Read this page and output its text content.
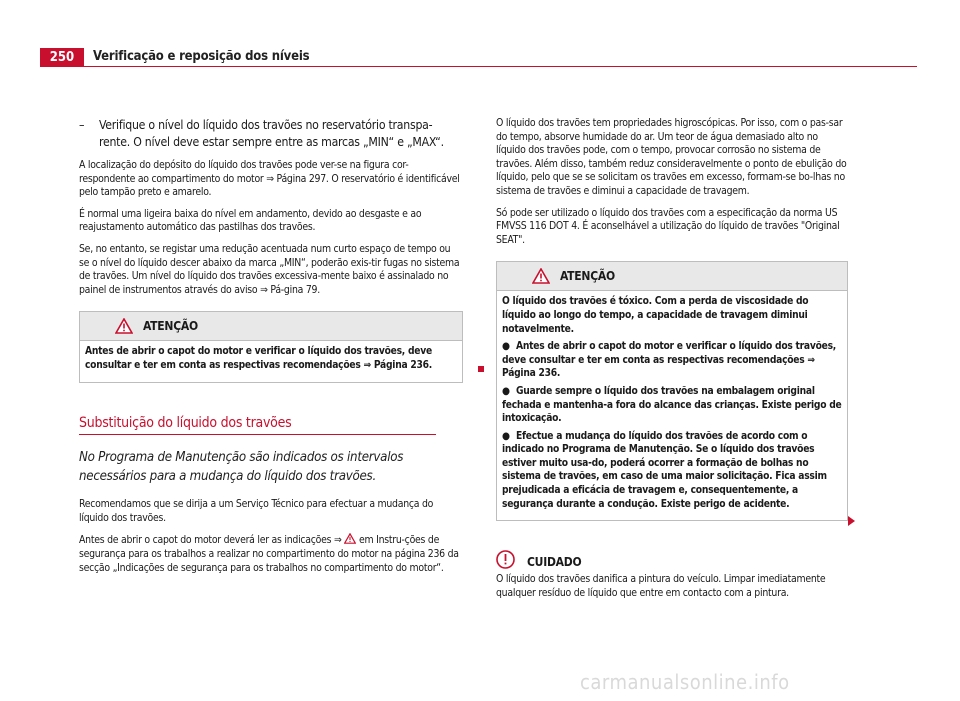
250	Verificação e reposição dos níveis
– Verifique o nível do líquido dos travões no reservatório transpa-rente. O nível deve estar sempre entre as marcas „MIN“ e „MAX“.

A localização do depósito do líquido dos travões pode ver-se na figura cor-respondente ao compartimento do motor ⇒ Página 297. O reservatório é identificável pelo tampão preto e amarelo.

É normal uma ligeira baixa do nível em andamento, devido ao desgaste e ao reajustamento automático das pastilhas dos travões.

Se, no entanto, se registar uma redução acentuada num curto espaço de tempo ou se o nível do líquido descer abaixo da marca „MIN“, poderão exis-tir fugas no sistema de travões. Um nível do líquido dos travões excessiva-mente baixo é assinalado no painel de instrumentos através do aviso ⇒ Pá-gina 79.

ATENÇÃO

Antes de abrir o capot do motor e verificar o líquido dos travões, deve consultar e ter em conta as respectivas recomendações ⇒ Página 236.

Substituição do líquido dos travões
No Programa de Manutenção são indicados os intervalos necessários para a mudança do líquido dos travões.

Recomendamos que se dirija a um Serviço Técnico para efectuar a mudança do líquido dos travões.

Antes de abrir o capot do motor deverá ler as indicações ⇒ em Instru-ções de segurança para os trabalhos a realizar no compartimento do motor na página 236 da secção „Indicações de segurança para os trabalhos no compartimento do motor“.

O líquido dos travões tem propriedades higroscópicas. Por isso, com o pas-sar do tempo, absorve humidade do ar. Um teor de água demasiado alto no líquido dos travões pode, com o tempo, provocar corrosão no sistema de travões. Além disso, também reduz consideravelmente o ponto de ebulição do líquido, pelo que se se solicitam os travões em excesso, formam-se bo-lhas no sistema de travões e diminui a capacidade de travagem.

Só pode ser utilizado o líquido dos travões com a especificação da norma US FMVSS 116 DOT 4. É aconselhável a utilização do líquido de travões "Original SEAT".

ATENÇÃO

O líquido dos travões é tóxico. Com a perda de viscosidade do líquido ao longo do tempo, a capacidade de travagem diminui notavelmente.

● Antes de abrir o capot do motor e verificar o líquido dos travões, deve consultar e ter em conta as respectivas recomendações ⇒ Página 236.

● Guarde sempre o líquido dos travões na embalagem original fechada e mantenha-a fora do alcance das crianças. Existe perigo de intoxicação.

● Efectue a mudança do líquido dos travões de acordo com o indicado no Programa de Manutenção. Se o líquido dos travões estiver muito usa-do, poderá ocorrer a formação de bolhas no sistema de travões, em caso de uma maior solicitação. Fica assim prejudicada a eficácia de travagem e, consequentemente, a segurança durante a condução. Existe perigo de acidente.

CUIDADO

O líquido dos travões danifica a pintura do veículo. Limpar imediatamente qualquer resíduo de líquido que entre em contacto com a pintura.

carmanualsonline.info
